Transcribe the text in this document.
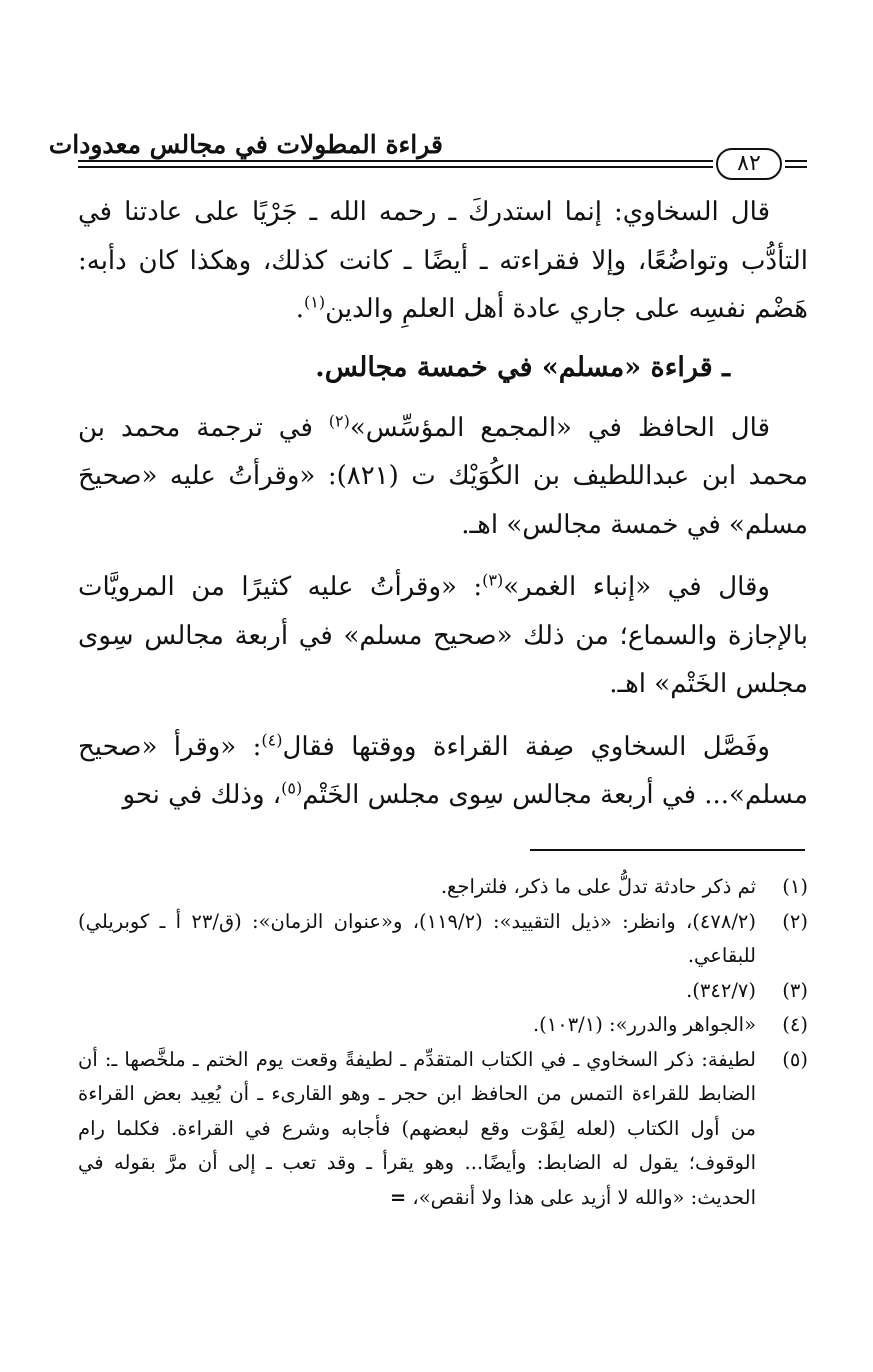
قراءة المطولات في مجالس معدودات
٨٢

قال السخاوي: إنما استدركَ ـ رحمه الله ـ جَرْيًا على عادتنا في التأدُّب وتواضُعًا، وإلا فقراءته ـ أيضًا ـ كانت كذلك، وهكذا كان دأبه: هَضْم نفسِه على جاري عادة أهل العلمِ والدين$^{(١)}$.

ـ قراءة «مسلم» في خمسة مجالس.

قال الحافظ في «المجمع المؤسِّس»$^{(٢)}$ في ترجمة محمد بن محمد ابن عبداللطيف بن الكُوَيْك ت (٨٢١): «وقرأتُ عليه «صحيحَ مسلم» في خمسة مجالس» اهـ.

وقال في «إنباء الغمر»$^{(٣)}$: «وقرأتُ عليه كثيرًا من المرويَّات بالإجازة والسماع؛ من ذلك «صحيح مسلم» في أربعة مجالس سِوى مجلس الخَتْم» اهـ.

وفَصَّل السخاوي صِفة القراءة ووقتها فقال$^{(٤)}$: «وقرأ «صحيح مسلم»... في أربعة مجالس سِوى مجلس الخَتْم$^{(٥)}$، وذلك في نحو

(١)
ثم ذكر حادثة تدلُّ على ما ذكر، فلتراجع.
(٢)
(٤٧٨/٢)، وانظر: «ذيل التقييد»: (١١٩/٢)، و«عنوان الزمان»: (ق/٢٣ أ ـ كوبريلي) للبقاعي.
(٣)
(٣٤٢/٧).
(٤)
«الجواهر والدرر»: (١٠٣/١).
(٥)
لطيفة: ذكر السخاوي ـ في الكتاب المتقدِّم ـ لطيفةً وقعت يوم الختم ـ ملخَّصها ـ: أن الضابط للقراءة التمس من الحافظ ابن حجر ـ وهو القارىء ـ أن يُعِيد بعض القراءة من أول الكتاب (لعله لِفَوْت وقع لبعضهم) فأجابه وشرع في القراءة. فكلما رام الوقوف؛ يقول له الضابط: وأيضًا... وهو يقرأ ـ وقد تعب ـ إلى أن مرَّ بقوله في الحديث: «والله لا أزيد على هذا ولا أنقص»، =
